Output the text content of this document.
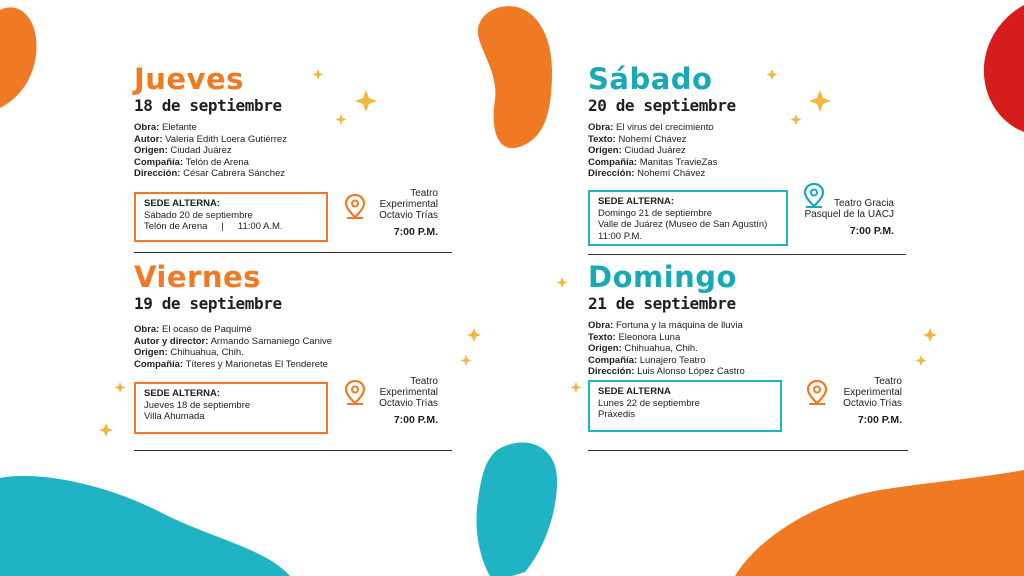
Jueves
18 de septiembre
Obra: Elefante
Autor: Valeria Edith Loera Gutiérrez
Origen: Ciudad Juárez
Compañía: Telón de Arena
Dirección: César Cabrera Sánchez
SEDE ALTERNA:
Sábado 20 de septiembre
Telón de Arena | 11:00 A.M.
Teatro
Experimental
Octavio Trías
7:00 P.M.
Viernes
19 de septiembre
Obra: El ocaso de Paquimé
Autor y director: Armando Samaniego Canive
Origen: Chihuahua, Chih.
Compañía: Títeres y Marionetas El Tenderete
SEDE ALTERNA:
Jueves 18 de septiembre
Villa Ahumada
Teatro
Experimental
Octavio Trías
7:00 P.M.
Sábado
20 de septiembre
Obra: El virus del crecimiento
Texto: Nohemí Chávez
Origen: Ciudad Juárez
Compañía: Manitas TravieZas
Dirección: Nohemí Chávez
SEDE ALTERNA:
Domingo 21 de septiembre
Valle de Juárez (Museo de San Agustín)
11:00 P.M.
Teatro Gracia
Pasquel de la UACJ
7:00 P.M.
Domingo
21 de septiembre
Obra: Fortuna y la máquina de lluvia
Texto: Eleonora Luna
Origen: Chihuahua, Chih.
Compañía: Lunajero Teatro
Dirección: Luis Alonso López Castro
SEDE ALTERNA
Lunes 22 de septiembre
Práxedis
Teatro
Experimental
Octavio Trías
7:00 P.M.
